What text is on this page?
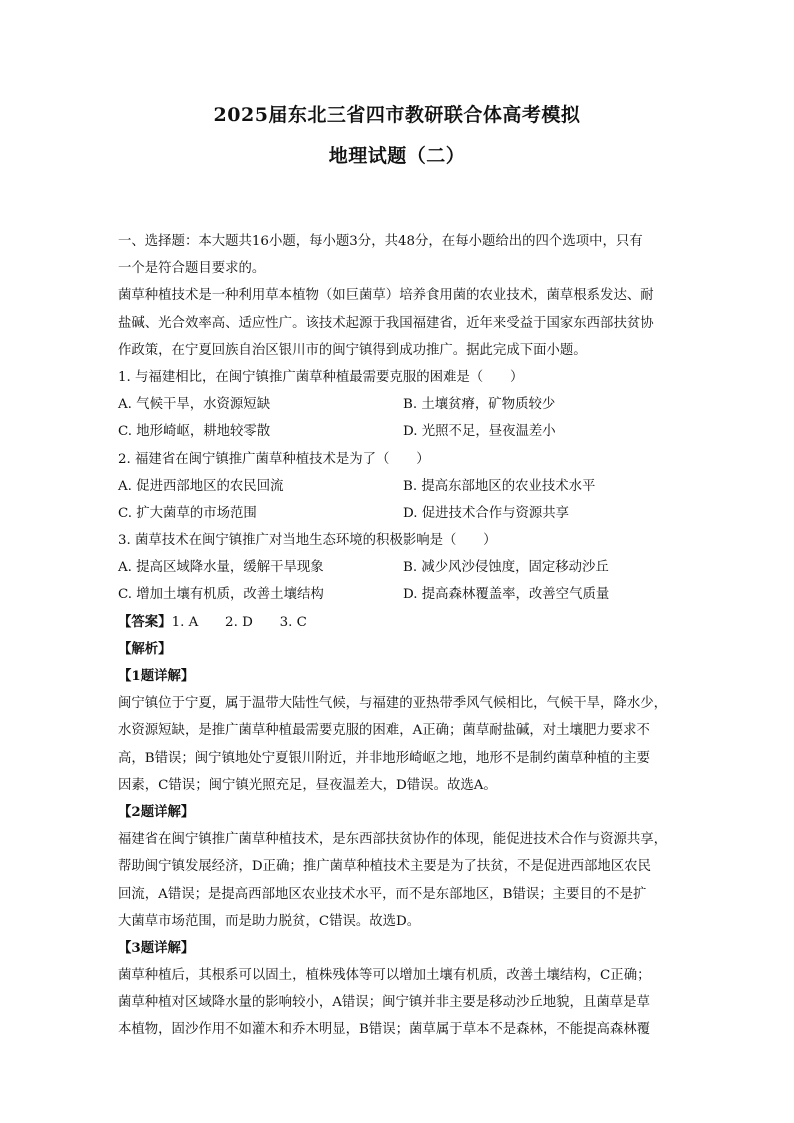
2025届东北三省四市教研联合体高考模拟
地理试题（二）
一、选择题：本大题共16小题，每小题3分，共48分，在每小题给出的四个选项中，只有
一个是符合题目要求的。
菌草种植技术是一种利用草本植物（如巨菌草）培养食用菌的农业技术，菌草根系发达、耐
盐碱、光合效率高、适应性广。该技术起源于我国福建省，近年来受益于国家东西部扶贫协
作政策，在宁夏回族自治区银川市的闽宁镇得到成功推广。据此完成下面小题。
1. 与福建相比，在闽宁镇推广菌草种植最需要克服的困难是（　　）
A. 气候干旱，水资源短缺	B. 土壤贫瘠，矿物质较少
C. 地形崎岖，耕地较零散	D. 光照不足，昼夜温差小
2. 福建省在闽宁镇推广菌草种植技术是为了（　　）
A. 促进西部地区的农民回流	B. 提高东部地区的农业技术水平
C. 扩大菌草的市场范围	D. 促进技术合作与资源共享
3. 菌草技术在闽宁镇推广对当地生态环境的积极影响是（　　）
A. 提高区域降水量，缓解干旱现象	B. 减少风沙侵蚀度，固定移动沙丘
C. 增加土壤有机质，改善土壤结构	D. 提高森林覆盖率，改善空气质量
【答案】1. A　　2. D　　3. C
【解析】
【1题详解】
闽宁镇位于宁夏，属于温带大陆性气候，与福建的亚热带季风气候相比，气候干旱，降水少，
水资源短缺，是推广菌草种植最需要克服的困难，A正确；菌草耐盐碱，对土壤肥力要求不
高，B错误；闽宁镇地处宁夏银川附近，并非地形崎岖之地，地形不是制约菌草种植的主要
因素，C错误；闽宁镇光照充足，昼夜温差大，D错误。故选A。
【2题详解】
福建省在闽宁镇推广菌草种植技术，是东西部扶贫协作的体现，能促进技术合作与资源共享，
帮助闽宁镇发展经济，D正确；推广菌草种植技术主要是为了扶贫，不是促进西部地区农民
回流，A错误；是提高西部地区农业技术水平，而不是东部地区，B错误；主要目的不是扩
大菌草市场范围，而是助力脱贫，C错误。故选D。
【3题详解】
菌草种植后，其根系可以固土，植株残体等可以增加土壤有机质，改善土壤结构，C正确；
菌草种植对区域降水量的影响较小，A错误；闽宁镇并非主要是移动沙丘地貌，且菌草是草
本植物，固沙作用不如灌木和乔木明显，B错误；菌草属于草本不是森林，不能提高森林覆
